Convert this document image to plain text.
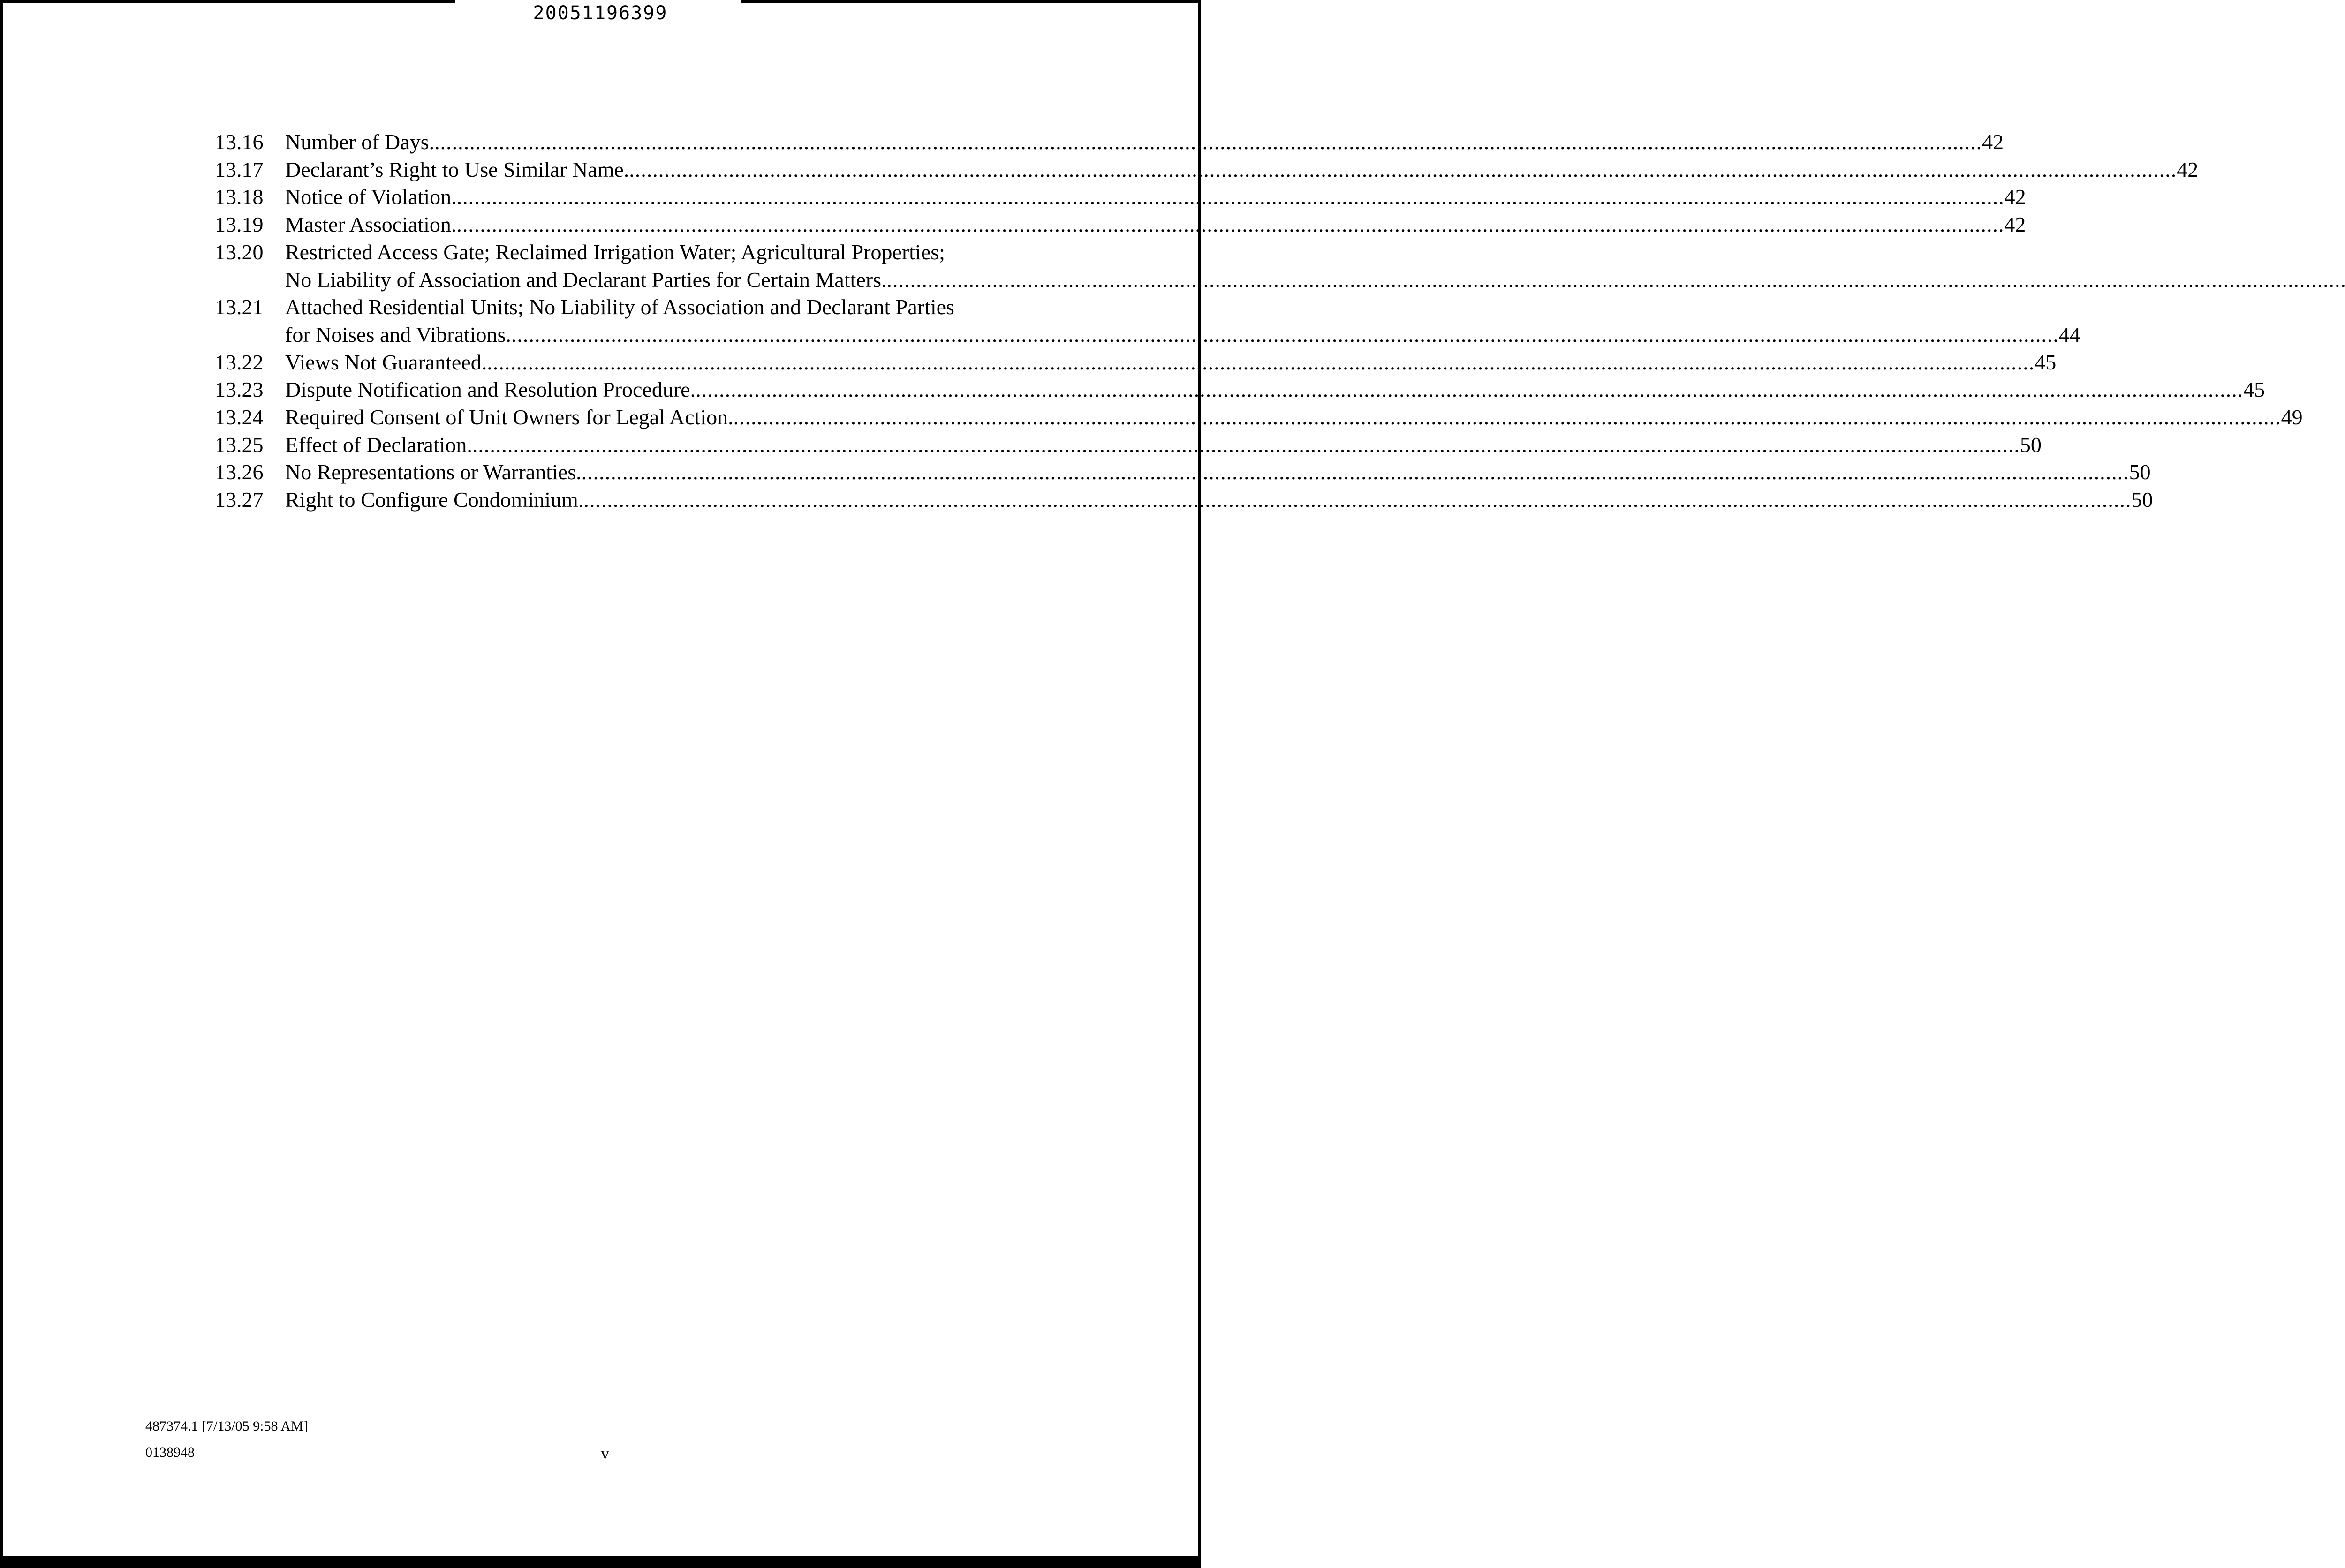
20051196399
13.16	Number of Days. .....	42
13.17	Declarant’s Right to Use Similar Name. .....	42
13.18	Notice of Violation. .....	42
13.19	Master Association. .....	42
13.20	Restricted Access Gate; Reclaimed Irrigation Water; Agricultural Properties;
No Liability of Association and Declarant Parties for Certain Matters.
.....
13.21	Attached Residential Units; No Liability of Association and Declarant Parties
for Noises and Vibrations. .....	44
13.22	Views Not Guaranteed. .....	45
13.23	Dispute Notification and Resolution Procedure. .....	45
13.24	Required Consent of Unit Owners for Legal Action. .....	49
13.25	Effect of Declaration. .....	50
13.26	No Representations or Warranties. .....	50
13.27	Right to Configure Condominium. .....	50
487374.1 [7/13/05 9:58 AM]
0138948	v
